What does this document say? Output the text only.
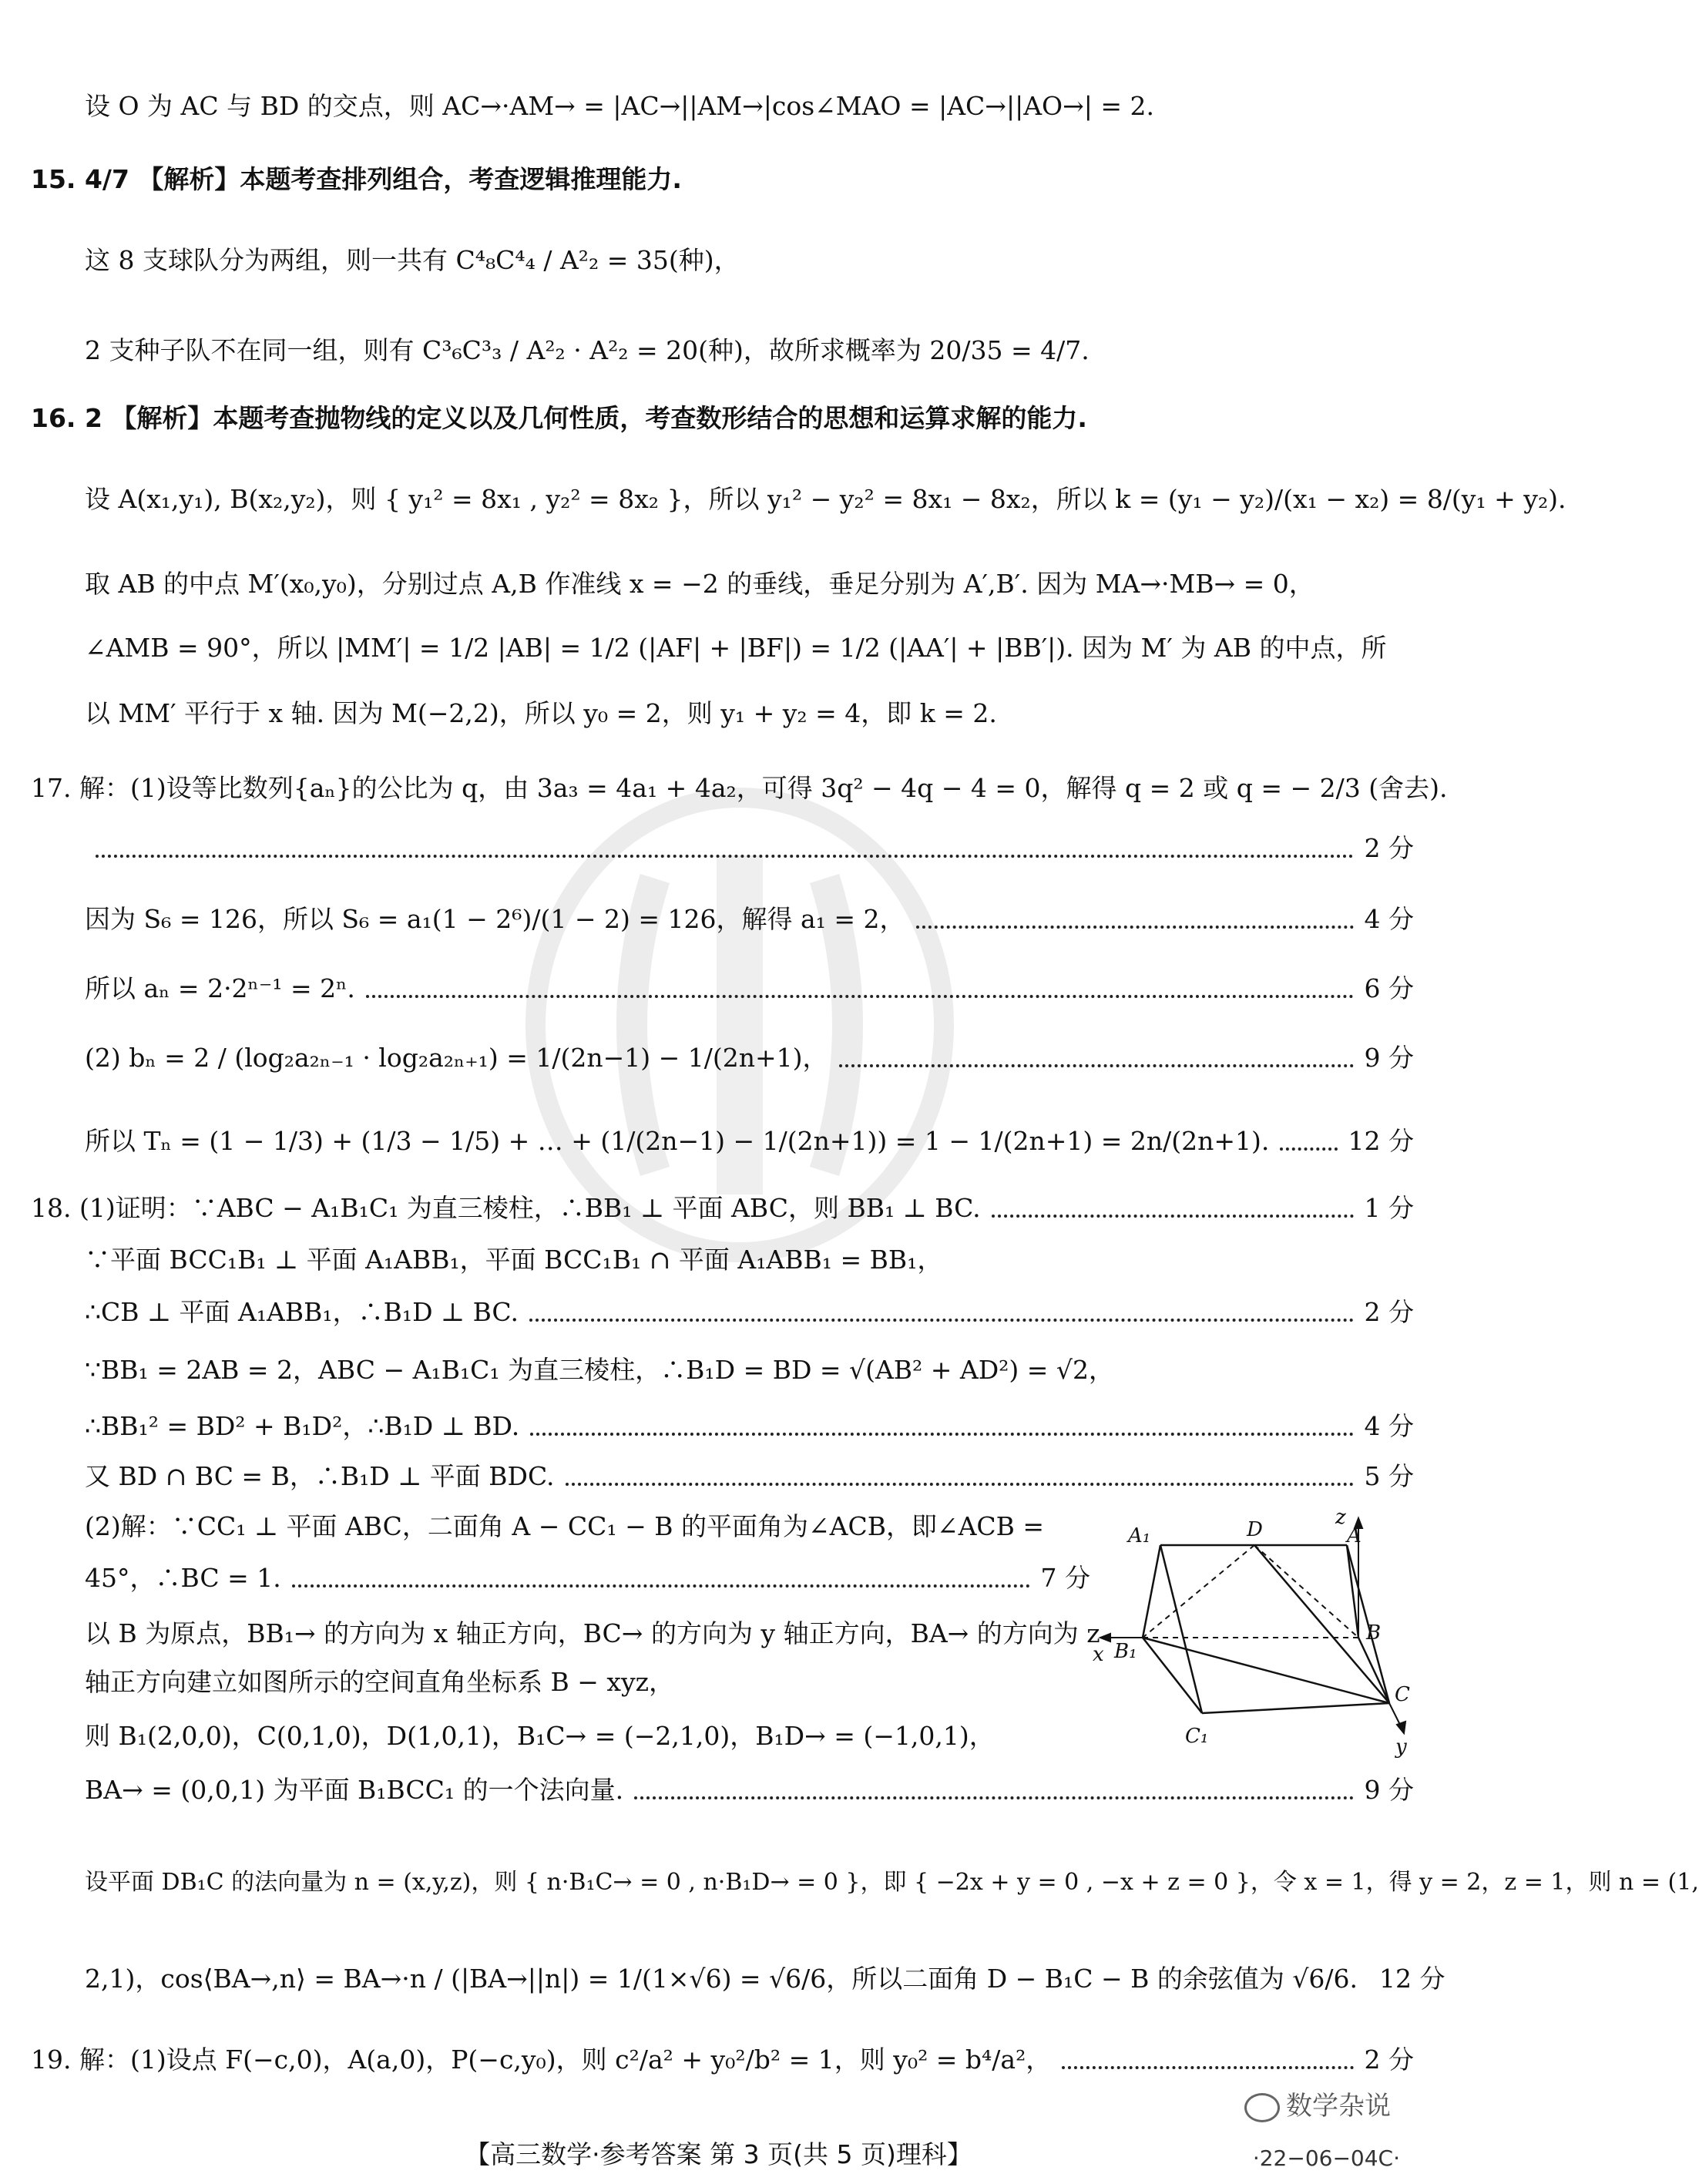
设 O 为 AC 与 BD 的交点，则 AC→·AM→ = |AC→||AM→|cos∠MAO = |AC→||AO→| = 2.
15. 4/7 【解析】本题考查排列组合，考查逻辑推理能力.
这 8 支球队分为两组，则一共有 C⁴₈C⁴₄ / A²₂ = 35(种)，
2 支种子队不在同一组，则有 C³₆C³₃ / A²₂ · A²₂ = 20(种)，故所求概率为 20/35 = 4/7.
16. 2 【解析】本题考查抛物线的定义以及几何性质，考查数形结合的思想和运算求解的能力.
设 A(x₁,y₁), B(x₂,y₂)，则 { y₁² = 8x₁ , y₂² = 8x₂ }，所以 y₁² − y₂² = 8x₁ − 8x₂，所以 k = (y₁ − y₂)/(x₁ − x₂) = 8/(y₁ + y₂).
取 AB 的中点 M′(x₀,y₀)，分别过点 A,B 作准线 x = −2 的垂线，垂足分别为 A′,B′. 因为 MA→·MB→ = 0，
∠AMB = 90°，所以 |MM′| = 1/2 |AB| = 1/2 (|AF| + |BF|) = 1/2 (|AA′| + |BB′|). 因为 M′ 为 AB 的中点，所
以 MM′ 平行于 x 轴. 因为 M(−2,2)，所以 y₀ = 2，则 y₁ + y₂ = 4，即 k = 2.
17. 解：(1)设等比数列{aₙ}的公比为 q，由 3a₃ = 4a₁ + 4a₂，可得 3q² − 4q − 4 = 0，解得 q = 2 或 q = − 2/3 (舍去).
2 分
因为 S₆ = 126，所以 S₆ = a₁(1 − 2⁶)/(1 − 2) = 126，解得 a₁ = 2，	4 分
所以 aₙ = 2·2ⁿ⁻¹ = 2ⁿ.	6 分
(2) bₙ = 2 / (log₂a₂ₙ₋₁ · log₂a₂ₙ₊₁) = 1/(2n−1) − 1/(2n+1)，	9 分
所以 Tₙ = (1 − 1/3) + (1/3 − 1/5) + … + (1/(2n−1) − 1/(2n+1)) = 1 − 1/(2n+1) = 2n/(2n+1).	12 分
18. (1)证明：∵ABC − A₁B₁C₁ 为直三棱柱，∴BB₁ ⊥ 平面 ABC，则 BB₁ ⊥ BC.	1 分
∵平面 BCC₁B₁ ⊥ 平面 A₁ABB₁，平面 BCC₁B₁ ∩ 平面 A₁ABB₁ = BB₁，
∴CB ⊥ 平面 A₁ABB₁，∴B₁D ⊥ BC.	2 分
∵BB₁ = 2AB = 2，ABC − A₁B₁C₁ 为直三棱柱，∴B₁D = BD = √(AB² + AD²) = √2，
∴BB₁² = BD² + B₁D²，∴B₁D ⊥ BD.	4 分
又 BD ∩ BC = B，∴B₁D ⊥ 平面 BDC.	5 分
(2)解：∵CC₁ ⊥ 平面 ABC，二面角 A − CC₁ − B 的平面角为∠ACB，即∠ACB =
45°，∴BC = 1.	7 分
以 B 为原点，BB₁→ 的方向为 x 轴正方向，BC→ 的方向为 y 轴正方向，BA→ 的方向为 z
轴正方向建立如图所示的空间直角坐标系 B − xyz，
则 B₁(2,0,0)，C(0,1,0)，D(1,0,1)，B₁C→ = (−2,1,0)，B₁D→ = (−1,0,1)，
BA→ = (0,0,1) 为平面 B₁BCC₁ 的一个法向量.	9 分
设平面 DB₁C 的法向量为 n = (x,y,z)，则 { n·B₁C→ = 0 , n·B₁D→ = 0 }，即 { −2x + y = 0 , −x + z = 0 }，令 x = 1，得 y = 2，z = 1，则 n = (1,
2,1)，cos⟨BA→,n⟩ = BA→·n / (|BA→||n|) = 1/(1×√6) = √6/6，所以二面角 D − B₁C − B 的余弦值为 √6/6. 12 分
19. 解：(1)设点 F(−c,0)，A(a,0)，P(−c,y₀)，则 c²/a² + y₀²/b² = 1，则 y₀² = b⁴/a²，	2 分
A₁	D	A
z
x B₁
B
C₁
C
y
数学杂说
【高三数学·参考答案 第 3 页(共 5 页)理科】	·22−06−04C·
